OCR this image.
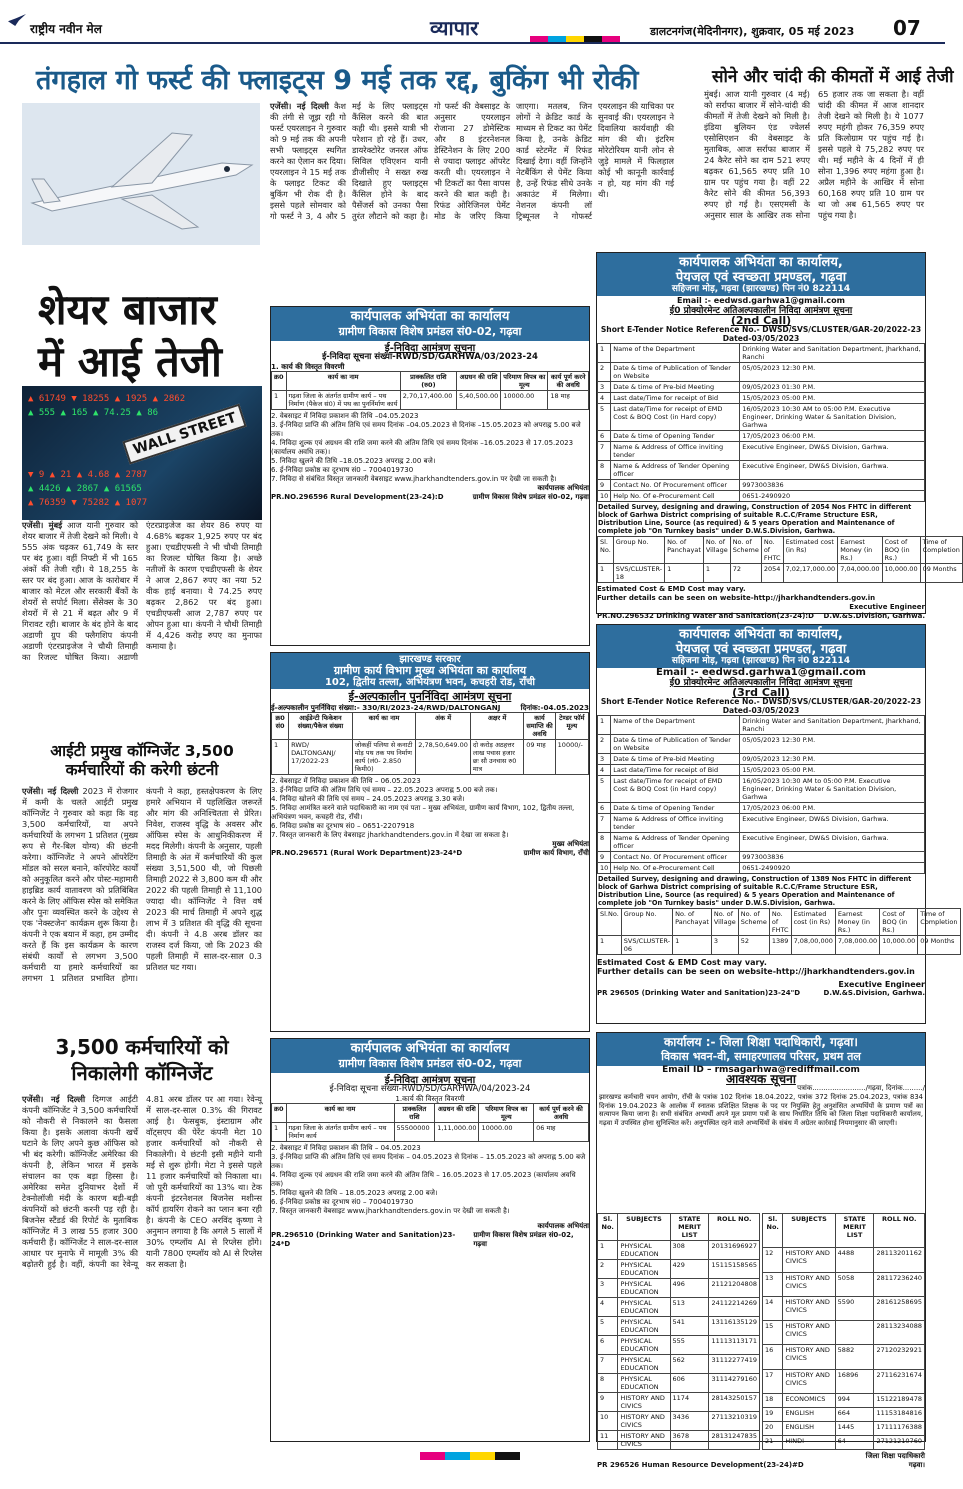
राष्ट्रीय नवीन मेल	व्यापार	डालटनगंज(मेदिनीनगर), शुक्रवार, 05 मई 2023 07
तंगहाल गो फर्स्ट की फ्लाइट्स 9 मई तक रद्द, बुकिंग भी रोकी
एजेंसी। नई दिल्ली कैश की तंगी से जूझ रही गो फर्स्ट एयरलाइन ने गुरुवार को 9 मई तक की अपनी सभी फ्लाइट्स स्थगित करने का ऐलान कर दिया। एयरलाइन ने 15 मई तक के फ्लाइट टिकट की बुकिंग भी रोक दी है। इससे पहले सोमवार को गो फर्स्ट ने 3, 4 और 5 मई के लिए फ्लाइट्स कैंसिल करने की बात कही थी। इससे यात्री भी परेशान हो रहे हैं। उधर, डायरेक्टोरेट जनरल ऑफ सिविल एविएशन यानी डीजीसीए ने सख्त रुख दिखाते हुए फ्लाइट्स कैंसिल होने के बाद पैसेंजर्स को उनका पैसा तुरंत लौटाने को कहा है। गो फर्स्ट की वेबसाइट के अनुसार एयरलाइन रोजाना 27 डोमेस्टिक और 8 इंटरनेशनल डेस्टिनेशन के लिए 200 से ज्यादा फ्लाइट ऑपरेट करती थी। एयरलाइन ने भी टिकटों का पैसा वापस करने की बात कही है। रिफंड ओरिजिनल पेमेंट मोड के जरिए किया जाएगा। मतलब, जिन लोगों ने क्रेडिट कार्ड के माध्यम से टिकट का पेमेंट किया है, उनके क्रेडिट कार्ड स्टेटमेंट में रिफंड दिखाई देगा। वहीं जिन्होंने नेटबैंकिंग से पेमेंट किया है, उन्हें रिफंड सीधे उनके अकाउंट में मिलेगा। नेशनल कंपनी लॉ ट्रिब्यूनल ने गोफर्स्ट एयरलाइन की याचिका पर सुनवाई की। एयरलाइन ने दिवालिया कार्यवाही की मांग की थी। इंटरिम मोरेटोरियम यानी लोन से जुड़े मामले में फिलहाल कोई भी कानूनी कार्रवाई न हो, यह मांग की गई थी।
सोने और चांदी की कीमतों में आई तेजी
मुंबई। आज यानी गुरुवार (4 मई) को सर्राफा बाजार में सोने-चांदी की कीमतों में तेजी देखने को मिली है। इंडिया बुलियन एंड ज्वेलर्स एसोसिएशन की वेबसाइट के मुताबिक, आज सर्राफा बाजार में 24 कैरेट सोने का दाम 521 रुपए बढ़कर 61,565 रुपए प्रति 10 ग्राम पर पहुंच गया है। वहीं 22 कैरेट सोने की कीमत 56,393 रुपए हो गई है। एसएमसी के अनुसार साल के आखिर तक सोना 65 हजार तक जा सकता है। वहीं चांदी की कीमत में आज शानदार तेजी देखने को मिली है। ये 1077 रुपए महंगी होकर 76,359 रुपए प्रति किलोग्राम पर पहुंच गई है। इससे पहले ये 75,282 रुपए पर थी। मई महीने के 4 दिनों में ही सोना 1,396 रुपए महंगा हुआ है। अप्रैल महीने के आखिर में सोना 60,168 रुपए प्रति 10 ग्राम पर था जो अब 61,565 रुपए पर पहुंच गया है।
कार्यपालक अभियंता का कार्यालय,
पेयजल एवं स्वच्छता प्रमण्डल, गढ़वा
सहिजना मोड़, गढ़वा (झारखण्ड) पिन नं0 822114
Email :- eedwsd.garhwa1@gmail.com
ई0 प्रोक्योरमेन्ट अतिअल्पकालीन निविदा आमंत्रण सूचना
(2nd Call)
Short E-Tender Notice Reference No.- DWSD/SVS/CLUSTER/GAR-20/2022-23
Dated-03/05/2023
1	Name of the Department	Drinking Water and Sanitation Department, Jharkhand, Ranchi
2	Date & time of Publication of Tender on Website	05/05/2023 12:30 P.M.
3	Date & time of Pre-bid Meeting	09/05/2023 01:30 P.M.
4	Last date/Time for receipt of Bid	15/05/2023 05:00 P.M.
5	Last date/Time for receipt of EMD Cost & BOQ Cost (in Hard copy)	16/05/2023 10:30 AM to 05:00 P.M. Executive Engineer, Drinking Water & Sanitation Division, Garhwa
6	Date & time of Opening Tender	17/05/2023 06:00 P.M.
7	Name & Address of Office inviting tender	Executive Engineer, DW&S Division, Garhwa.
8	Name & Address of Tender Opening officer	Executive Engineer, DW&S Division, Garhwa.
9	Contact No. Of Procurement officer	9973003836
10	Help No. Of e-Procurement Cell	0651-2490920
Detailed Survey, designing and drawing, Construction of 2054 Nos FHTC in different block of Garhwa District comprising of suitable R.C.C/Frame Structure ESR, Distribution Line, Source (as required) & 5 years Operation and Maintenance of complete job "On Turnkey basis" under D.W.S.Division, Garhwa.
Sl. No.	Group No.	No. of Panchayat	No. of Village	No. of Scheme	No. of FHTC	Estimated cost (in Rs)	Earnest Money (in Rs.)	Cost of BOQ (in Rs.)	Time of Completion
1	SVS/CLUSTER-18	1	1	72	2054	7,02,17,000.00	7,04,000.00	10,000.00	09 Months
Estimated Cost & EMD Cost may vary.
Further details can be seen on website-http://jharkhandtenders.gov.in
Executive Engineer
PR.NO.296532 Drinking Water and Sanitation(23-24):D D.W.&S.Division, Garhwa.
शेयर बाजार
में आई तेजी
▲ 61749 ▼ 18255 ▲ 1925 ▲ 2862
▲ 555 ▲ 165 ▲ 74.25 ▲ 86
▼ 9 ▲ 21 ▲ 4.68 ▲ 2787
▲ 4426 ▲ 2867 ▲ 61565
▲ 76359 ▼ 75282 ▲ 1077
WALL STREET
एजेंसी। मुंबई आज यानी गुरुवार को शेयर बाजार में तेजी देखने को मिली। ये 555 अंक चढ़कर 61,749 के स्तर पर बंद हुआ। वहीं निफ्टी में भी 165 अंकों की तेजी रही। ये 18,255 के स्तर पर बंद हुआ। आज के कारोबार में बाजार को मेटल और सरकारी बैंकों के शेयरों से सपोर्ट मिला। सेंसेक्स के 30 शेयरों में से 21 में बढ़त और 9 में गिरावट रही। बाजार के बंद होने के बाद अडाणी ग्रुप की फ्लैगशिप कंपनी अडाणी एंटरप्राइजेज ने चौथी तिमाही का रिजल्ट घोषित किया। अडाणी एंटरप्राइजेज का शेयर 86 रुपए या 4.68% बढ़कर 1,925 रुपए पर बंद हुआ। एचडीएफसी ने भी चौथी तिमाही का रिजल्ट घोषित किया है। अच्छे नतीजों के कारण एचडीएफसी के शेयर ने आज 2,867 रुपए का नया 52 वीक हाई बनाया। ये 74.25 रुपए बढ़कर 2,862 पर बंद हुआ। एचडीएफसी आज 2,787 रुपए पर ओपन हुआ था। कंपनी ने चौथी तिमाही में 4,426 करोड़ रुपए का मुनाफा कमाया है।
कार्यपालक अभियंता का कार्यालय
ग्रामीण विकास विशेष प्रमंडल सं0-02, गढ़वा
ई-निविदा आमंत्रण सूचना
ई-निविदा सूचना संख्या-RWD/SD/GARHWA/03/2023-24
1. कार्य की विस्तृत विवरणी
क्र0	कार्य का नाम	प्राक्कलित राशि (रु0)	अग्रधन की राशि	परिमाण विपत्र का मूल्य	कार्य पूर्ण करने की अवधि
1	गढ़वा जिला के अंतर्गत ग्रामीण कार्य – पथ निर्माण (पैकेज सं0) में पथ का पुनर्निर्माण कार्य	2,70,17,400.00	5,40,500.00	10000.00	18 माह
2. वेबसाइट में निविदा प्रकाशन की तिथि –04.05.2023
3. ई-निविदा प्राप्ति की अंतिम तिथि एवं समय दिनांक –04.05.2023 से दिनांक –15.05.2023 को अपराह्न 5.00 बजे तक।
4. निविदा शुल्क एवं अग्रधन की राशि जमा करने की अंतिम तिथि एवं समय दिनांक –16.05.2023 से 17.05.2023 (कार्यालय अवधि तक)।
5. निविदा खुलने की तिथि –18.05.2023 अपराह्न 2.00 बजे।
6. ई-निविदा प्रकोष्ठ का दूरभाष सं0 – 7004019730
7. निविदा से संबंधित विस्तृत जानकारी वेबसाइट www.jharkhandtenders.gov.in पर देखी जा सकती है।
कार्यपालक अभियंता
PR.NO.296596 Rural Development(23-24):D	ग्रामीण विकास विशेष प्रमंडल सं0-02, गढ़वा
झारखण्ड सरकार
ग्रामीण कार्य विभाग मुख्य अभियंता का कार्यालय
102, द्वितीय तल्ला, अभियंत्रण भवन, कचहरी रोड, राँची
ई-अल्पकालीन पुनर्निविदा आमंत्रण सूचना
ई-अल्पकालीन पुनर्निविदा संख्या:- 330/RI/2023-24/RWD/DALTONGANJ	दिनांक:-04.05.2023
क्र0 सं0	आईडेन्टी फिकेशन संख्या/पैकेज संख्या	कार्य का नाम	अंक में	अक्षर में	कार्य समाप्ति की अवधि	टेण्डर फॉर्म मूल्य
1	RWD/ DALTONGANJ/ 17/2022-23	जोकहीं पलिया से कनाटी मोड़ पथ तक पथ निर्माण कार्य (लं0- 2.850 किमी0)	2,78,50,649.00	दो करोड़ अठहत्तर लाख पचास हजार छः सौ उनचास रु0 मात्र	09 माह	10000/-
2. वेबसाइट में निविदा प्रकाशन की तिथि – 06.05.2023
3. ई-निविदा प्राप्ति की अंतिम तिथि एवं समय – 22.05.2023 अपराह्न 5.00 बजे तक।
4. निविदा खोलने की तिथि एवं समय – 24.05.2023 अपराह्न 3.30 बजे।
5. निविदा आमंत्रित करने वाले पदाधिकारी का नाम एवं पता – मुख्य अभियंता, ग्रामीण कार्य विभाग, 102, द्वितीय तल्ला, अभियंत्रण भवन, कचहरी रोड, राँची।
6. निविदा प्रकोष्ठ का दूरभाष सं0 – 0651-2207918
7. विस्तृत जानकारी के लिए वेबसाइट jharkhandtenders.gov.in में देखा जा सकता है।
मुख्य अभियंता
PR.NO.296571 (Rural Work Department)23-24*D	ग्रामीण कार्य विभाग, राँची
कार्यपालक अभियंता का कार्यालय,
पेयजल एवं स्वच्छता प्रमण्डल, गढ़वा
सहिजना मोड़, गढ़वा (झारखण्ड) पिन नं0 822114
Email :- eedwsd.garhwa1@gmail.com
ई0 प्रोक्योरमेन्ट अतिअल्पकालीन निविदा आमंत्रण सूचना
(3rd Call)
Short E-Tender Notice Reference No.- DWSD/SVS/CLUSTER/GAR-20/2022-23
Dated-03/05/2023
1	Name of the Department	Drinking Water and Sanitation Department, Jharkhand, Ranchi
2	Date & time of Publication of Tender on Website	05/05/2023 12:30 P.M.
3	Date & time of Pre-bid Meeting	09/05/2023 12:30 P.M.
4	Last date/Time for receipt of Bid	15/05/2023 05:00 P.M.
5	Last date/Time for receipt of EMD Cost & BOQ Cost (in Hard copy)	16/05/2023 10:30 AM to 05:00 P.M. Executive Engineer, Drinking Water & Sanitation Division, Garhwa
6	Date & time of Opening Tender	17/05/2023 06:00 P.M.
7	Name & Address of Office inviting tender	Executive Engineer, DW&S Division, Garhwa.
8	Name & Address of Tender Opening officer	Executive Engineer, DW&S Division, Garhwa.
9	Contact No. Of Procurement officer	9973003836
10	Help No. Of e-Procurement Cell	0651-2490920
Detailed Survey, designing and drawing, Construction of 1389 Nos FHTC in different block of Garhwa District comprising of suitable R.C.C/Frame Structure ESR, Distribution Line, Source (as required) & 5 years Operation and Maintenance of complete job "On Turnkey basis" under D.W.S.Division, Garhwa.
Sl.No.	Group No.	No. of Panchayat	No. of Village	No. of Scheme	No. of FHTC	Estimated cost (in Rs)	Earnest Money (in Rs.)	Cost of BOQ (in Rs.)	Time of Completion
1	SVS/CLUSTER-06	1	3	52	1389	7,08,00,000	7,08,000.00	10,000.00	09 Months
Estimated Cost & EMD Cost may vary.
Further details can be seen on website-http://jharkhandtenders.gov.in
Executive Engineer
PR 296505 (Drinking Water and Sanitation)23-24"D	D.W.&S.Division, Garhwa.
आईटी प्रमुख कॉग्निजेंट 3,500 कर्मचारियों की करेगी छंटनी
एजेंसी। नई दिल्ली 2023 में रोजगार में कमी के चलते आईटी प्रमुख कॉग्निजेंट ने गुरुवार को कहा कि वह 3,500 कर्मचारियों, या अपने कर्मचारियों के लगभग 1 प्रतिशत (मुख्य रूप से गैर-बिल योग्य) की छंटनी करेगा। कॉग्निजेंट ने अपने ऑपरेटिंग मॉडल को सरल बनाने, कॉरपोरेट कार्यों को अनुकूलित करने और पोस्ट-महामारी हाइब्रिड कार्य वातावरण को प्रतिबिंबित करने के लिए ऑफिस स्पेस को समेकित और पुनः व्यवस्थित करने के उद्देश्य से एक 'नेक्स्टजेन' कार्यक्रम शुरू किया है। कंपनी ने एक बयान में कहा, हम उम्मीद करते हैं कि इस कार्यक्रम के कारण संबंधी कार्यों से लगभग 3,500 कर्मचारी या हमारे कर्मचारियों का लगभग 1 प्रतिशत प्रभावित होगा। कंपनी ने कहा, हस्तक्षेपकरण के लिए हमारे अभियान में पहलिखित जरूरतें और मांग की अनिश्चितता से प्रेरित। निवेश, राजस्व वृद्धि के अवसर और ऑफिस स्पेस के आधुनिकीकरण में मदद मिलेगी। कंपनी के अनुसार, पहली तिमाही के अंत में कर्मचारियों की कुल संख्या 3,51,500 थी, जो पिछली तिमाही 2022 से 3,800 कम थी और 2022 की पहली तिमाही से 11,100 ज्यादा थी। कॉग्निजेंट ने वित्त वर्ष 2023 की मार्च तिमाही में अपने शुद्ध लाभ में 3 प्रतिशत की वृद्धि की सूचना दी। कंपनी ने 4.8 अरब डॉलर का राजस्व दर्ज किया, जो कि 2023 की पहली तिमाही में साल-दर-साल 0.3 प्रतिशत घट गया।
3,500 कर्मचारियों को निकालेगी कॉग्निजेंट
एजेंसी। नई दिल्ली दिग्गज आईटी कंपनी कॉग्निजेंट ने 3,500 कर्मचारियों को नौकरी से निकालने का फैसला किया है। इसके अलावा कंपनी खर्चे घटाने के लिए अपने कुछ ऑफिस को भी बंद करेगी। कॉग्निजेंट अमेरिका की कंपनी है, लेकिन भारत में इसके संचालन का एक बड़ा हिस्सा है। अमेरिका समेत दुनियाभर देशों में टेक्नोलॉजी मंदी के कारण बड़ी-बड़ी कंपनियों को छंटनी करनी पड़ रही है। बिजनेस स्टैंडर्ड की रिपोर्ट के मुताबिक कॉग्निजेंट में 3 लाख 55 हजार 300 कर्मचारी हैं। कॉग्निजेंट ने साल-दर-साल आधार पर मुनाफे में मामूली 3% की बढ़ोतरी हुई है। वहीं, कंपनी का रेवेन्यू 4.81 अरब डॉलर पर आ गया। रेवेन्यू में साल-दर-साल 0.3% की गिरावट आई है। फेसबुक, इंस्टाग्राम और वॉट्सएप की पेरेंट कंपनी मेटा 10 हजार कर्मचारियों को नौकरी से निकालेगी। ये छंटनी इसी महीने यानी मई से शुरू होगी। मेटा ने इससे पहले 11 हजार कर्मचारियों को निकाला था। जो पूरी कर्मचारियों का 13% था। टेक कंपनी इंटरनेशनल बिजनेस मशीन्स कॉर्प हायरिंग रोकने का प्लान बना रही है। कंपनी के CEO अरविंद कृष्णा ने अनुमान लगाया है कि अगले 5 सालों में 30% एम्प्लॉय AI से रिप्लेस होंगे। यानी 7800 एम्प्लॉय को AI से रिप्लेस कर सकता है।
कार्यपालक अभियंता का कार्यालय
ग्रामीण विकास विशेष प्रमंडल सं0-02, गढ़वा
ई-निविदा आमंत्रण सूचना
ई-निविदा सूचना संख्या-RWD/SD/GARHWA/04/2023-24
1.कार्य की विस्तृत विवरणी
क्र0	कार्य का नाम	प्राक्कलित राशि	अग्रधन की राशि	परिमाण विपत्र का मूल्य	कार्य पूर्ण करने की अवधि
1	गढ़वा जिला के अंतर्गत ग्रामीण कार्य – पथ निर्माण कार्य	55500000	1,11,000.00	10000.00	06 माह
2. वेबसाइट में निविदा प्रकाशन की तिथि – 04.05.2023
3. ई-निविदा प्राप्ति की अंतिम तिथि एवं समय दिनांक – 04.05.2023 से दिनांक – 15.05.2023 को अपराह्न 5.00 बजे तक।
4. निविदा शुल्क एवं अग्रधन की राशि जमा करने की अंतिम तिथि – 16.05.2023 से 17.05.2023 (कार्यालय अवधि तक)
5. निविदा खुलने की तिथि – 18.05.2023 अपराह्न 2.00 बजे।
6. ई-निविदा प्रकोष्ठ का दूरभाष सं0 – 7004019730
7. विस्तृत जानकारी वेबसाइट www.jharkhandtenders.gov.in पर देखी जा सकती है।
कार्यपालक अभियंता
PR.296510 (Drinking Water and Sanitation)23-24*D
ग्रामीण विकास विशेष प्रमंडल सं0-02, गढ़वा
कार्यालय :- जिला शिक्षा पदाधिकारी, गढ़वा।
विकास भवन-वी, समाहरणालय परिसर, प्रथम तल
Email ID – rmsagarhwa@rediffmail.com
आवश्यक सूचना
पत्रांक......................../गढ़वा, दिनांक........./
झारखण्ड कर्मचारी चयन आयोग, राँची के पत्रांक 102 दिनांक 18.04.2022, पत्रांक 372 दिनांक 25.04.2023, पत्रांक 834 दिनांक 19.04.2023 के आलोक में स्नातक प्रशिक्षित शिक्षक के पद पर नियुक्ति हेतु अनुशंसित अभ्यर्थियों के प्रमाण पत्रों का सत्यापन किया जाना है। सभी संबंधित अभ्यर्थी अपने मूल प्रमाण पत्रों के साथ निर्धारित तिथि को जिला शिक्षा पदाधिकारी कार्यालय, गढ़वा में उपस्थित होना सुनिश्चित करें। अनुपस्थित रहने वाले अभ्यर्थियों के संबंध में अग्रेतर कार्रवाई नियमानुसार की जाएगी।
Sl. No.	SUBJECTS	STATE MERIT LIST	ROLL NO.
1	PHYSICAL EDUCATION	308	20131696927
2	PHYSICAL EDUCATION	429	15115158565
3	PHYSICAL EDUCATION	496	21121204808
4	PHYSICAL EDUCATION	513	24112214269
5	PHYSICAL EDUCATION	541	13116135129
6	PHYSICAL EDUCATION	555	11113113171
7	PHYSICAL EDUCATION	562	31112277419
8	PHYSICAL EDUCATION	606	31114279160
9	HISTORY AND CIVICS	1174	28143250157
10	HISTORY AND CIVICS	3436	27113210319
11	HISTORY AND CIVICS	3678	28131247835
Sl. No.	SUBJECTS	STATE MERIT LIST	ROLL NO.
12	HISTORY AND CIVICS	4488	28113201162
13	HISTORY AND CIVICS	5058	28117236240
14	HISTORY AND CIVICS	5590	28161258695
15	HISTORY AND CIVICS		28113234088
16	HISTORY AND CIVICS	5882	27120232921
17	HISTORY AND CIVICS	16896	27116231674
18	ECONOMICS	994	15122189478
19	ENGLISH	664	11153184816
20	ENGLISH	1445	17111176388
21	HINDI	64	27121210760
जिला शिक्षा पदाधिकारी
PR 296526 Human Resource Development(23-24)#D	गढ़वा।
